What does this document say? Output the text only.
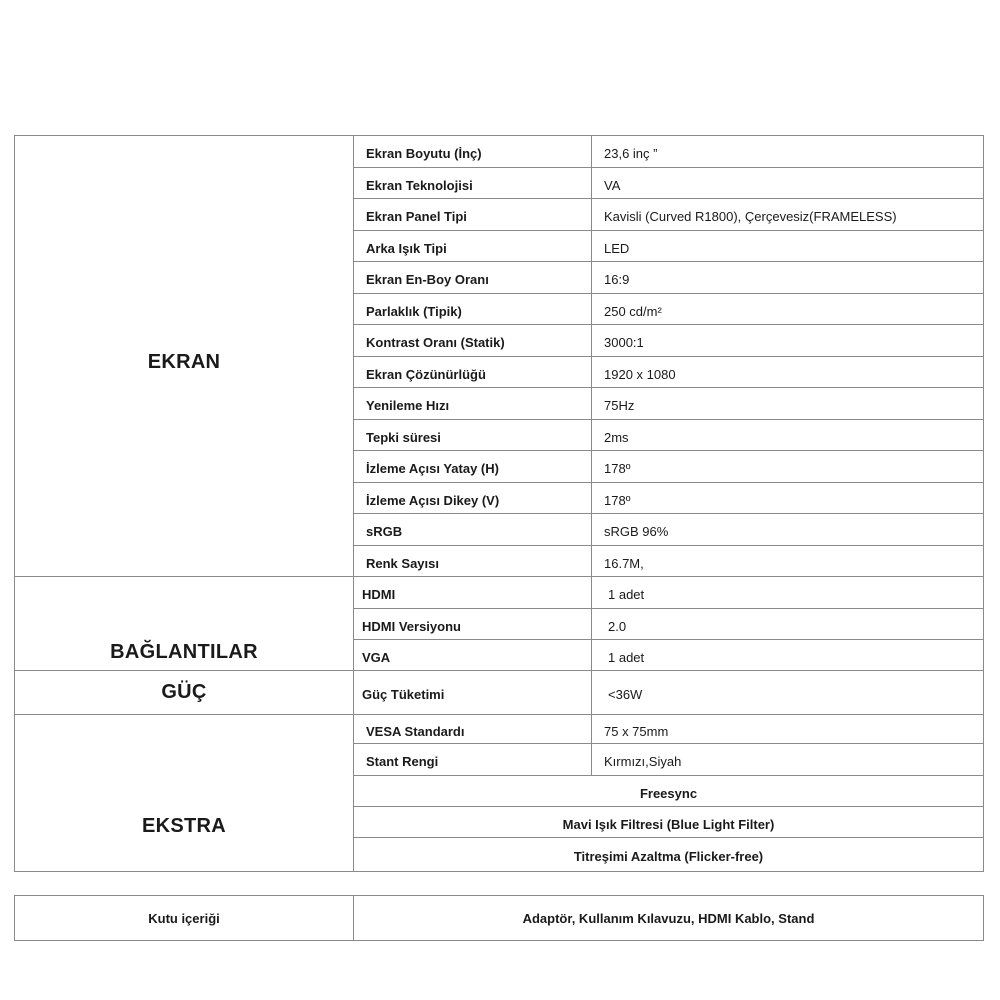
EKRAN	Ekran Boyutu (İnç)	23,6 inç ”
	Ekran Teknolojisi	VA
	Ekran Panel Tipi	Kavisli (Curved R1800), Çerçevesiz(FRAMELESS)
	Arka Işık Tipi	LED
	Ekran En-Boy Oranı	16:9
	Parlaklık (Tipik)	250 cd/m²
	Kontrast Oranı (Statik)	3000:1
	Ekran Çözünürlüğü	1920 x 1080
	Yenileme Hızı	75Hz
	Tepki süresi	2ms
	İzleme Açısı Yatay (H)	178º
	İzleme Açısı Dikey (V)	178º
	sRGB	sRGB 96%
	Renk Sayısı	16.7M,
BAĞLANTILAR	HDMI	1 adet
	HDMI Versiyonu	2.0
	VGA	1 adet
GÜÇ	Güç Tüketimi	<36W
EKSTRA	VESA Standardı	75 x 75mm
	Stant Rengi	Kırmızı,Siyah
	Freesync	
	Mavi Işık Filtresi (Blue Light Filter)	
	Titreşimi Azaltma (Flicker-free)	
Kutu içeriği	Adaptör, Kullanım Kılavuzu, HDMI Kablo, Stand
